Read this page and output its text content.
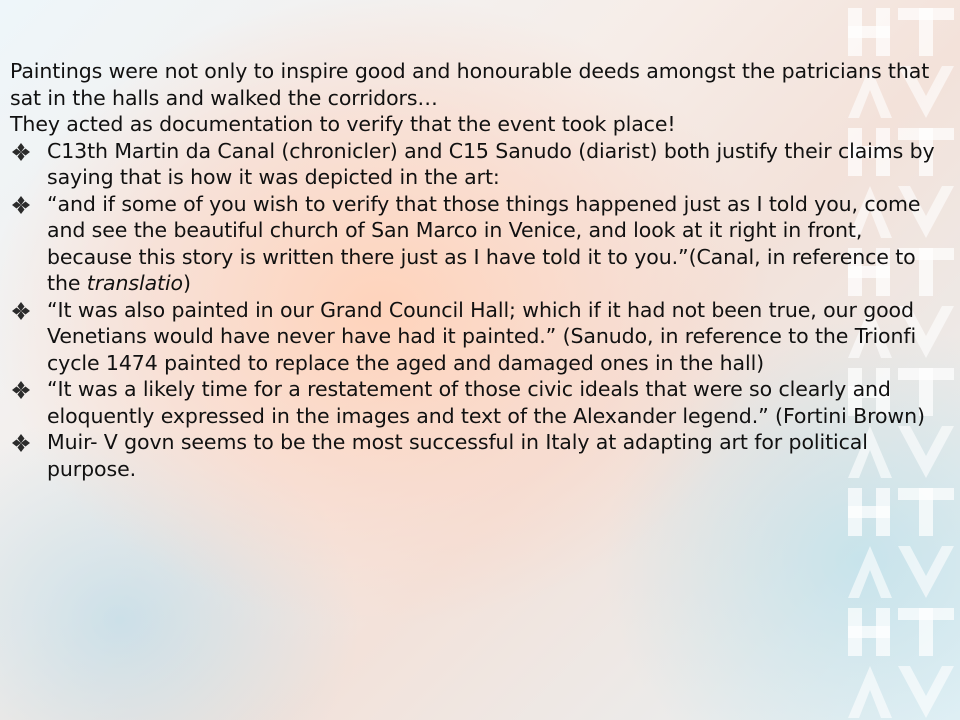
Paintings were not only to inspire good and honourable deeds amongst the patricians that sat in the halls and walked the corridors…

They acted as documentation to verify that the event took place!

C13th Martin da Canal (chronicler) and C15 Sanudo (diarist) both justify their claims by saying that is how it was depicted in the art:
“and if some of you wish to verify that those things happened just as I told you, come and see the beautiful church of San Marco in Venice, and look at it right in front, because this story is written there just as I have told it to you.”(Canal, in reference to the translatio)
“It was also painted in our Grand Council Hall; which if it had not been true, our good Venetians would have never have had it painted.” (Sanudo, in reference to the Trionfi cycle 1474 painted to replace the aged and damaged ones in the hall)
“It was a likely time for a restatement of those civic ideals that were so clearly and eloquently expressed in the images and text of the Alexander legend.” (Fortini Brown)
Muir- V govn seems to be the most successful in Italy at adapting art for political purpose.
